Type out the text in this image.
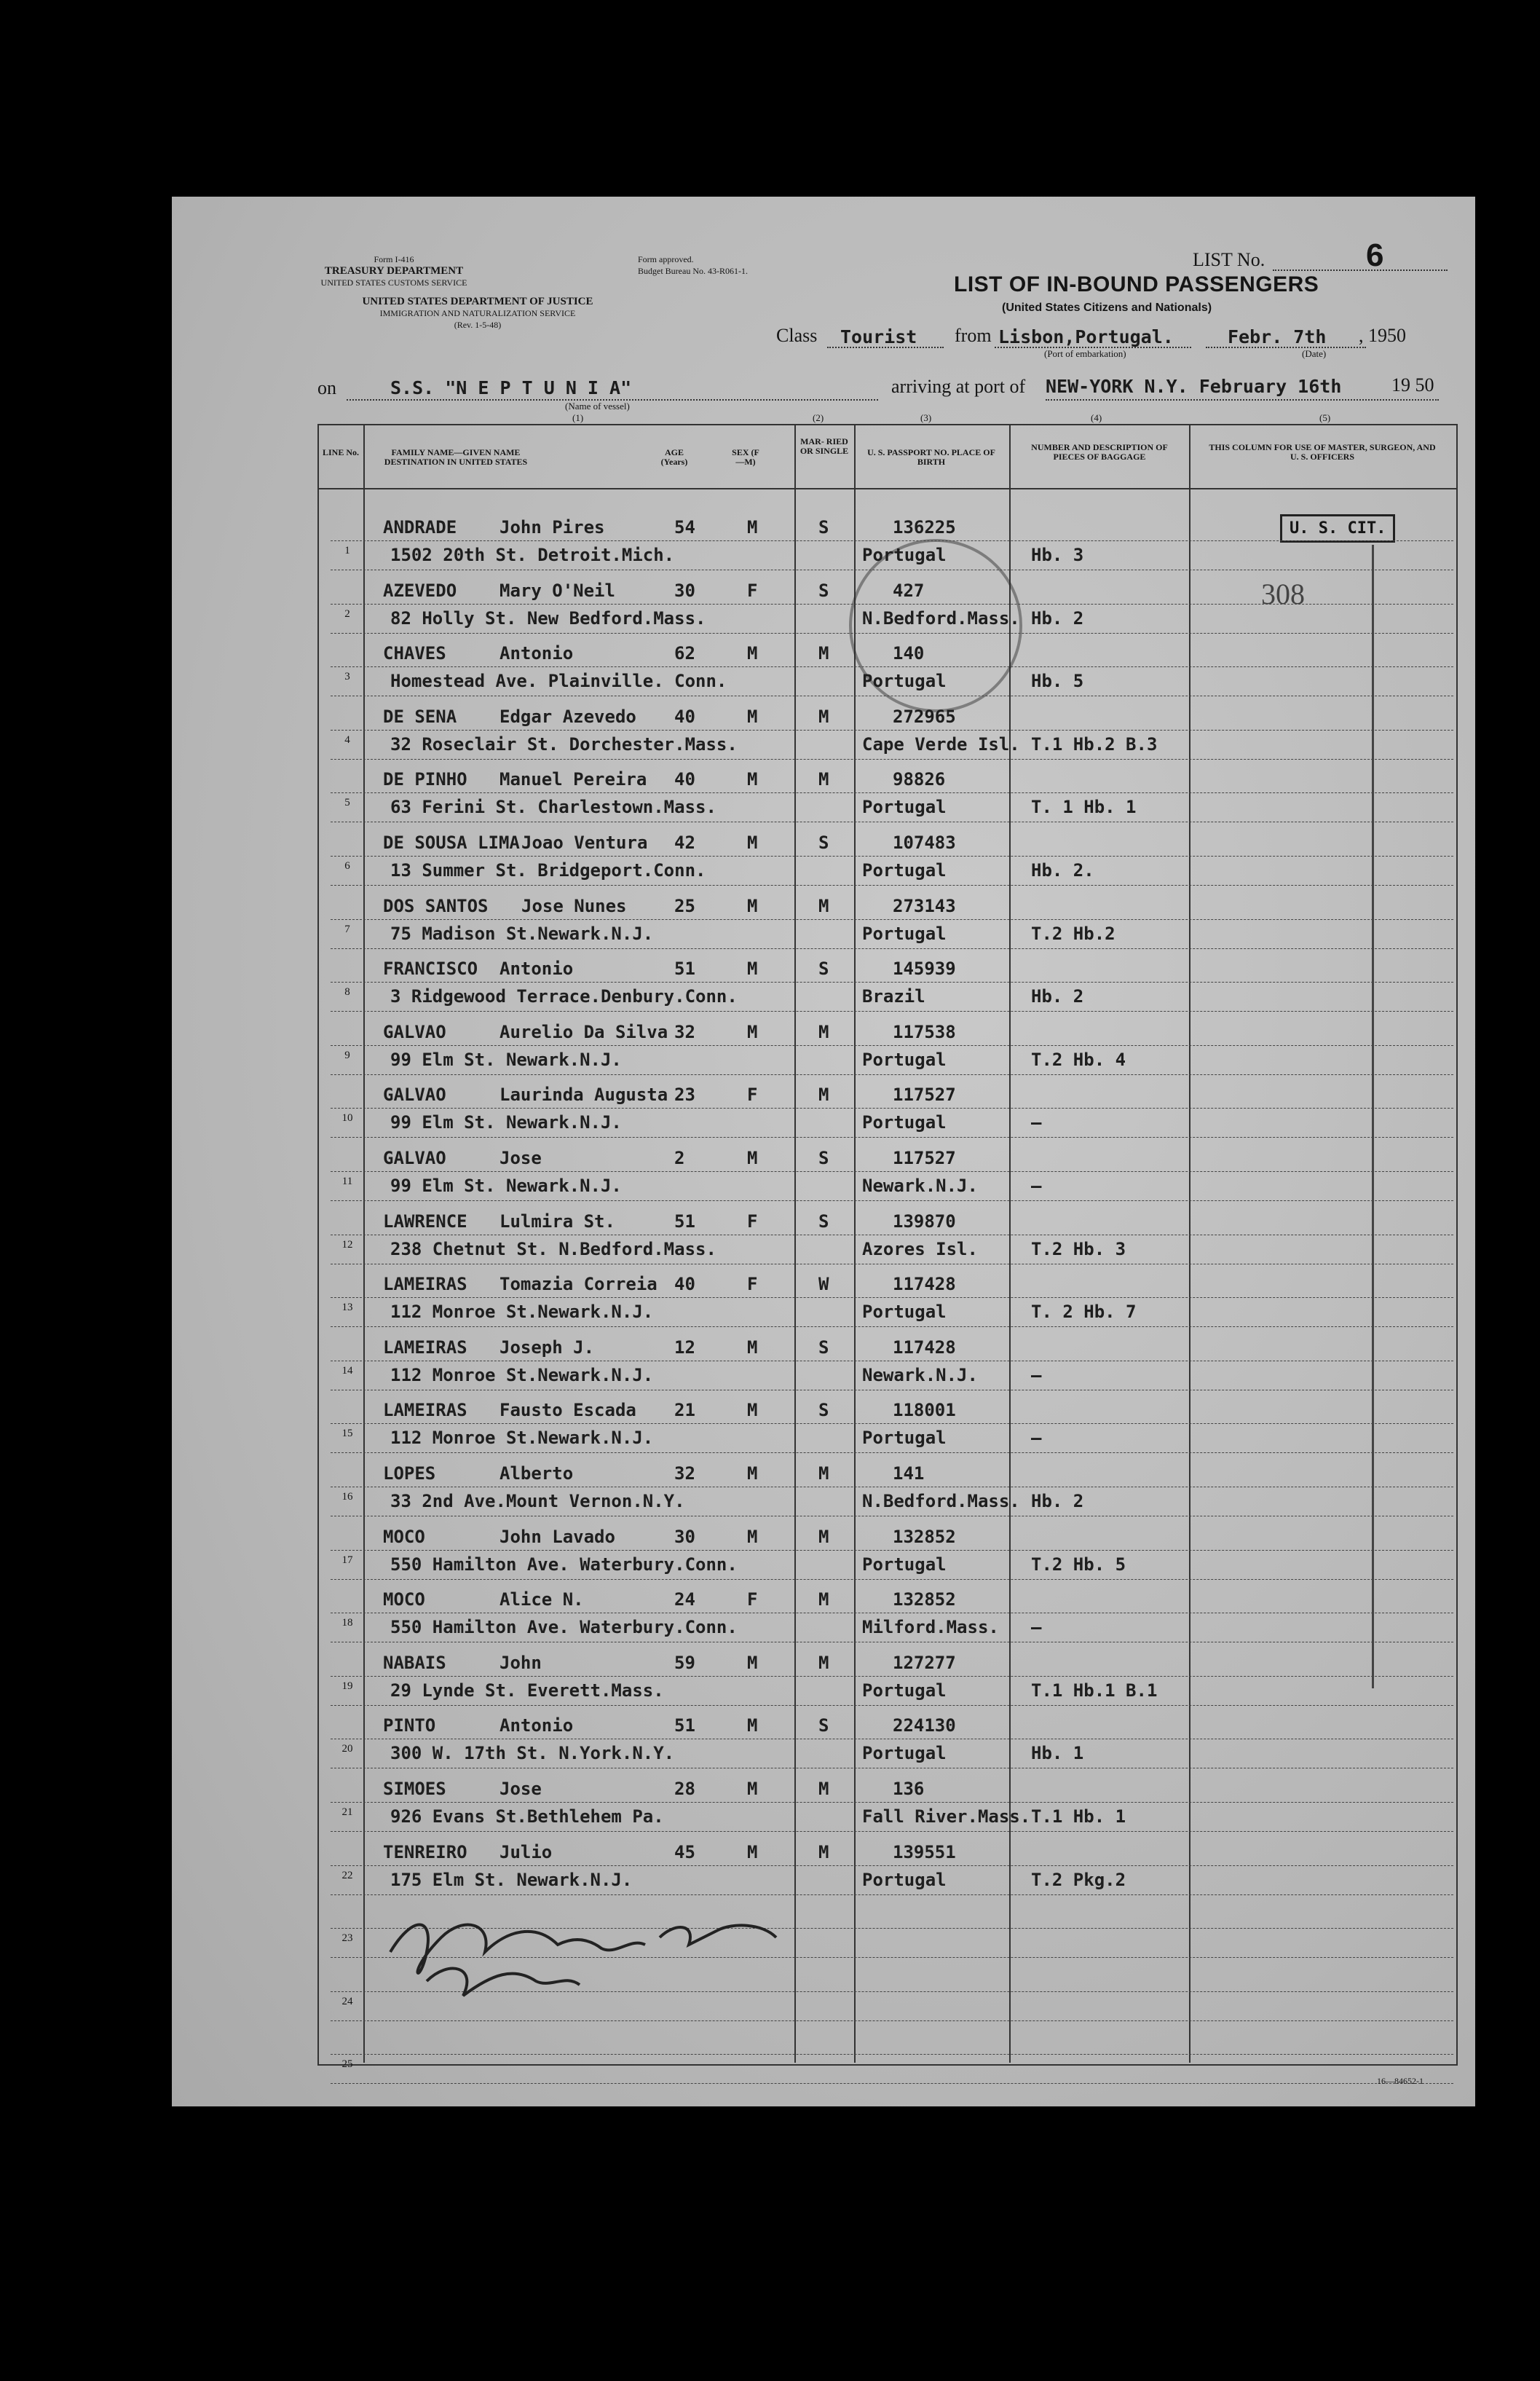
Form I-416
TREASURY DEPARTMENT
UNITED STATES CUSTOMS SERVICE
UNITED STATES DEPARTMENT OF JUSTICE
IMMIGRATION AND NATURALIZATION SERVICE
(Rev. 1-5-48)
Form approved.
Budget Bureau No. 43-R061-1.
LIST No.	6
LIST OF IN-BOUND PASSENGERS
(United States Citizens and Nationals)
Class Tourist from Lisbon,Portugal.
(Port of embarkation)
Febr. 7th , 1950
(Date)
on	S.S. "N E P T U N I A"
(Name of vessel)
arriving at port of NEW-YORK N.Y. February 16th	19 50
(1)	(2)	(3)	(4)	(5)
LINE No.	FAMILY NAME—GIVEN NAME DESTINATION IN UNITED STATES
AGE (Years)
SEX (F—M)
MAR- RIED OR SINGLE	U. S. PASSPORT NO. PLACE OF BIRTH
NUMBER AND DESCRIPTION OF PIECES OF BAGGAGE
THIS COLUMN FOR USE OF MASTER, SURGEON, AND U. S. OFFICERS
U. S. CIT.
308
1
ANDRADE John Pires	54	M	S	136225
1502 20th St. Detroit.Mich.	Portugal	Hb. 3
2
AZEVEDO Mary O'Neil	30	F	S	427
82 Holly St. New Bedford.Mass.	N.Bedford.Mass. Hb. 2
3
CHAVES	Antonio	62	M	M	140
Homestead Ave. Plainville. Conn.	Portugal	Hb. 5
4
DE SENA Edgar Azevedo 40	M	M	272965
32 Roseclair St. Dorchester.Mass.	Cape Verde Isl. T.1 Hb.2 B.3
5
DE PINHO Manuel Pereira 40	M	M	98826
63 Ferini St. Charlestown.Mass.	Portugal	T. 1 Hb. 1
6
DE SOUSA LIMA Joao Ventura 42	M	S	107483
13 Summer St. Bridgeport.Conn.	Portugal	Hb. 2.
7
DOS SANTOS Jose Nunes	25	M	M	273143
75 Madison St.Newark.N.J.	Portugal	T.2 Hb.2
8
FRANCISCO Antonio	51	M	S	145939
3 Ridgewood Terrace.Denbury.Conn.	Brazil	Hb. 2
9
GALVAO	Aurelio Da Silva 32	M	M	117538
99 Elm St. Newark.N.J.	Portugal	T.2 Hb. 4
10
GALVAO	Laurinda Augusta 23	F	M	117527
99 Elm St. Newark.N.J.	Portugal	—
11
GALVAO	Jose	2	M	S	117527
99 Elm St. Newark.N.J.	Newark.N.J.	—
12
LAWRENCE Lulmira St.	51	F	S	139870
238 Chetnut St. N.Bedford.Mass.	Azores Isl.	T.2 Hb. 3
13
LAMEIRAS Tomazia Correia 40	F	W	117428
112 Monroe St.Newark.N.J.	Portugal	T. 2 Hb. 7
14
LAMEIRAS Joseph J.	12	M	S	117428
112 Monroe St.Newark.N.J.	Newark.N.J.	—
15
LAMEIRAS Fausto Escada 21	M	S	118001
112 Monroe St.Newark.N.J.	Portugal	—
16
LOPES	Alberto	32	M	M	141
33 2nd Ave.Mount Vernon.N.Y.	N.Bedford.Mass. Hb. 2
17
MOCO	John Lavado	30	M	M	132852
550 Hamilton Ave. Waterbury.Conn.	Portugal	T.2 Hb. 5
18
MOCO	Alice N.	24	F	M	132852
550 Hamilton Ave. Waterbury.Conn.	Milford.Mass. —
19
NABAIS	John	59	M	M	127277
29 Lynde St. Everett.Mass.	Portugal	T.1 Hb.1 B.1
20
PINTO	Antonio	51	M	S	224130
300 W. 17th St. N.York.N.Y.	Portugal	Hb. 1
21
SIMOES	Jose	28	M	M	136
926 Evans St.Bethlehem Pa.	Fall River.Mass. T.1 Hb. 1
22
TENREIRO Julio	45	M	M	139551
175 Elm St. Newark.N.J.	Portugal	T.2 Pkg.2
23
24
25
16—84652-1
